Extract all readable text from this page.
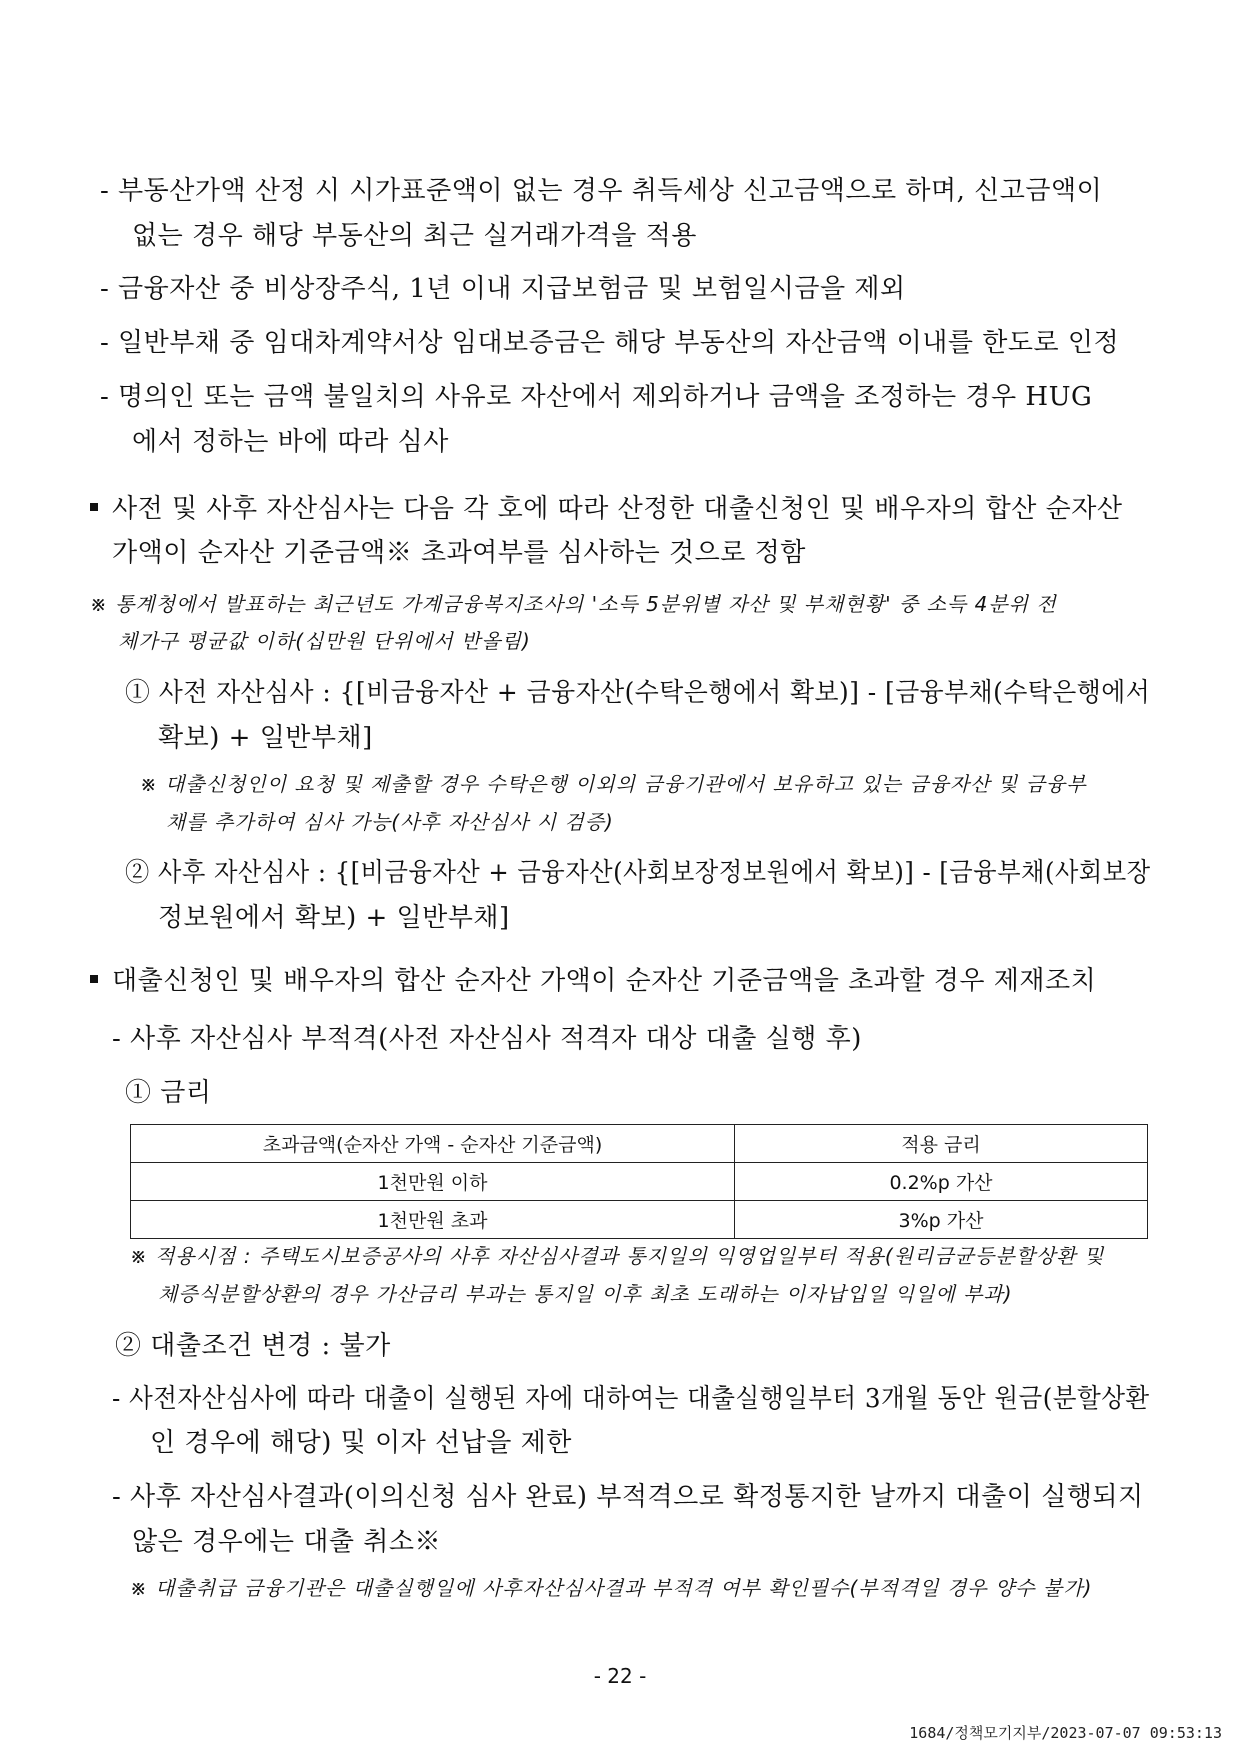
- 부동산가액 산정 시 시가표준액이 없는 경우 취득세상 신고금액으로 하며, 신고금액이
없는 경우 해당 부동산의 최근 실거래가격을 적용
- 금융자산 중 비상장주식, 1년 이내 지급보험금 및 보험일시금을 제외
- 일반부채 중 임대차계약서상 임대보증금은 해당 부동산의 자산금액 이내를 한도로 인정
- 명의인 또는 금액 불일치의 사유로 자산에서 제외하거나 금액을 조정하는 경우 HUG
에서 정하는 바에 따라 심사
사전 및 사후 자산심사는 다음 각 호에 따라 산정한 대출신청인 및 배우자의 합산 순자산
가액이 순자산 기준금액※ 초과여부를 심사하는 것으로 정함
※ 통계청에서 발표하는 최근년도 가계금융복지조사의 '소득 5분위별 자산 및 부채현황' 중 소득 4분위 전
체가구 평균값 이하(십만원 단위에서 반올림)
① 사전 자산심사 : {[비금융자산 + 금융자산(수탁은행에서 확보)] - [금융부채(수탁은행에서
확보) + 일반부채]
※ 대출신청인이 요청 및 제출할 경우 수탁은행 이외의 금융기관에서 보유하고 있는 금융자산 및 금융부
채를 추가하여 심사 가능(사후 자산심사 시 검증)
② 사후 자산심사 : {[비금융자산 + 금융자산(사회보장정보원에서 확보)] - [금융부채(사회보장
정보원에서 확보) + 일반부채]
대출신청인 및 배우자의 합산 순자산 가액이 순자산 기준금액을 초과할 경우 제재조치
- 사후 자산심사 부적격(사전 자산심사 적격자 대상 대출 실행 후)
① 금리
초과금액(순자산 가액 - 순자산 기준금액)	적용 금리
1천만원 이하	0.2%p 가산
1천만원 초과	3%p 가산
※ 적용시점 : 주택도시보증공사의 사후 자산심사결과 통지일의 익영업일부터 적용(원리금균등분할상환 및
체증식분할상환의 경우 가산금리 부과는 통지일 이후 최초 도래하는 이자납입일 익일에 부과)
② 대출조건 변경 : 불가
- 사전자산심사에 따라 대출이 실행된 자에 대하여는 대출실행일부터 3개월 동안 원금(분할상환
인 경우에 해당) 및 이자 선납을 제한
- 사후 자산심사결과(이의신청 심사 완료) 부적격으로 확정통지한 날까지 대출이 실행되지
않은 경우에는 대출 취소※
※ 대출취급 금융기관은 대출실행일에 사후자산심사결과 부적격 여부 확인필수(부적격일 경우 양수 불가)
- 22 -
1684/정책모기지부/2023-07-07 09:53:13
